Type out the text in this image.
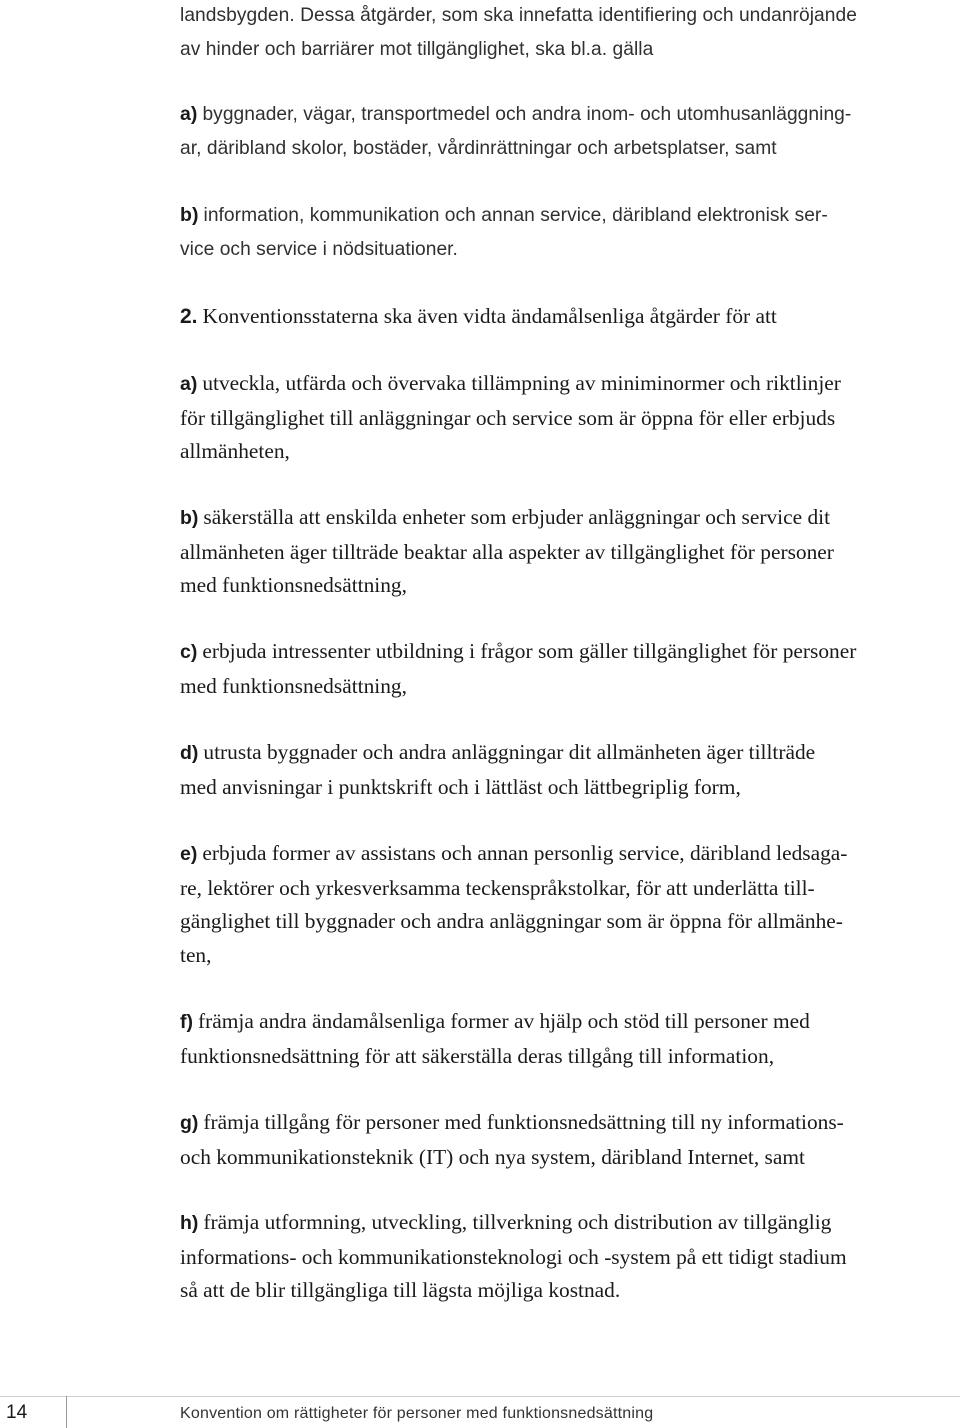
landsbygden. Dessa åtgärder, som ska innefatta identifiering och undanröjande
av hinder och barriärer mot tillgänglighet, ska bl.a. gälla
a) byggnader, vägar, transportmedel och andra inom- och utomhusanläggning-
ar, däribland skolor, bostäder, vårdinrättningar och arbetsplatser, samt
b) information, kommunikation och annan service, däribland elektronisk ser-
vice och service i nödsituationer.
2. Konventionsstaterna ska även vidta ändamålsenliga åtgärder för att
a) utveckla, utfärda och övervaka tillämpning av miniminormer och riktlinjer
för tillgänglighet till anläggningar och service som är öppna för eller erbjuds
allmänheten,
b) säkerställa att enskilda enheter som erbjuder anläggningar och service dit
allmänheten äger tillträde beaktar alla aspekter av tillgänglighet för personer
med funktionsnedsättning,
c) erbjuda intressenter utbildning i frågor som gäller tillgänglighet för personer
med funktionsnedsättning,
d) utrusta byggnader och andra anläggningar dit allmänheten äger tillträde
med anvisningar i punktskrift och i lättläst och lättbegriplig form,
e) erbjuda former av assistans och annan personlig service, däribland ledsaga-
re, lektörer och yrkesverksamma teckenspråkstolkar, för att underlätta till-
gänglighet till byggnader och andra anläggningar som är öppna för allmänhe-
ten,
f) främja andra ändamålsenliga former av hjälp och stöd till personer med
funktionsnedsättning för att säkerställa deras tillgång till information,
g) främja tillgång för personer med funktionsnedsättning till ny informations-
och kommunikationsteknik (IT) och nya system, däribland Internet, samt
h) främja utformning, utveckling, tillverkning och distribution av tillgänglig
informations- och kommunikationsteknologi och -system på ett tidigt stadium
så att de blir tillgängliga till lägsta möjliga kostnad.
14	Konvention om rättigheter för personer med funktionsnedsättning
